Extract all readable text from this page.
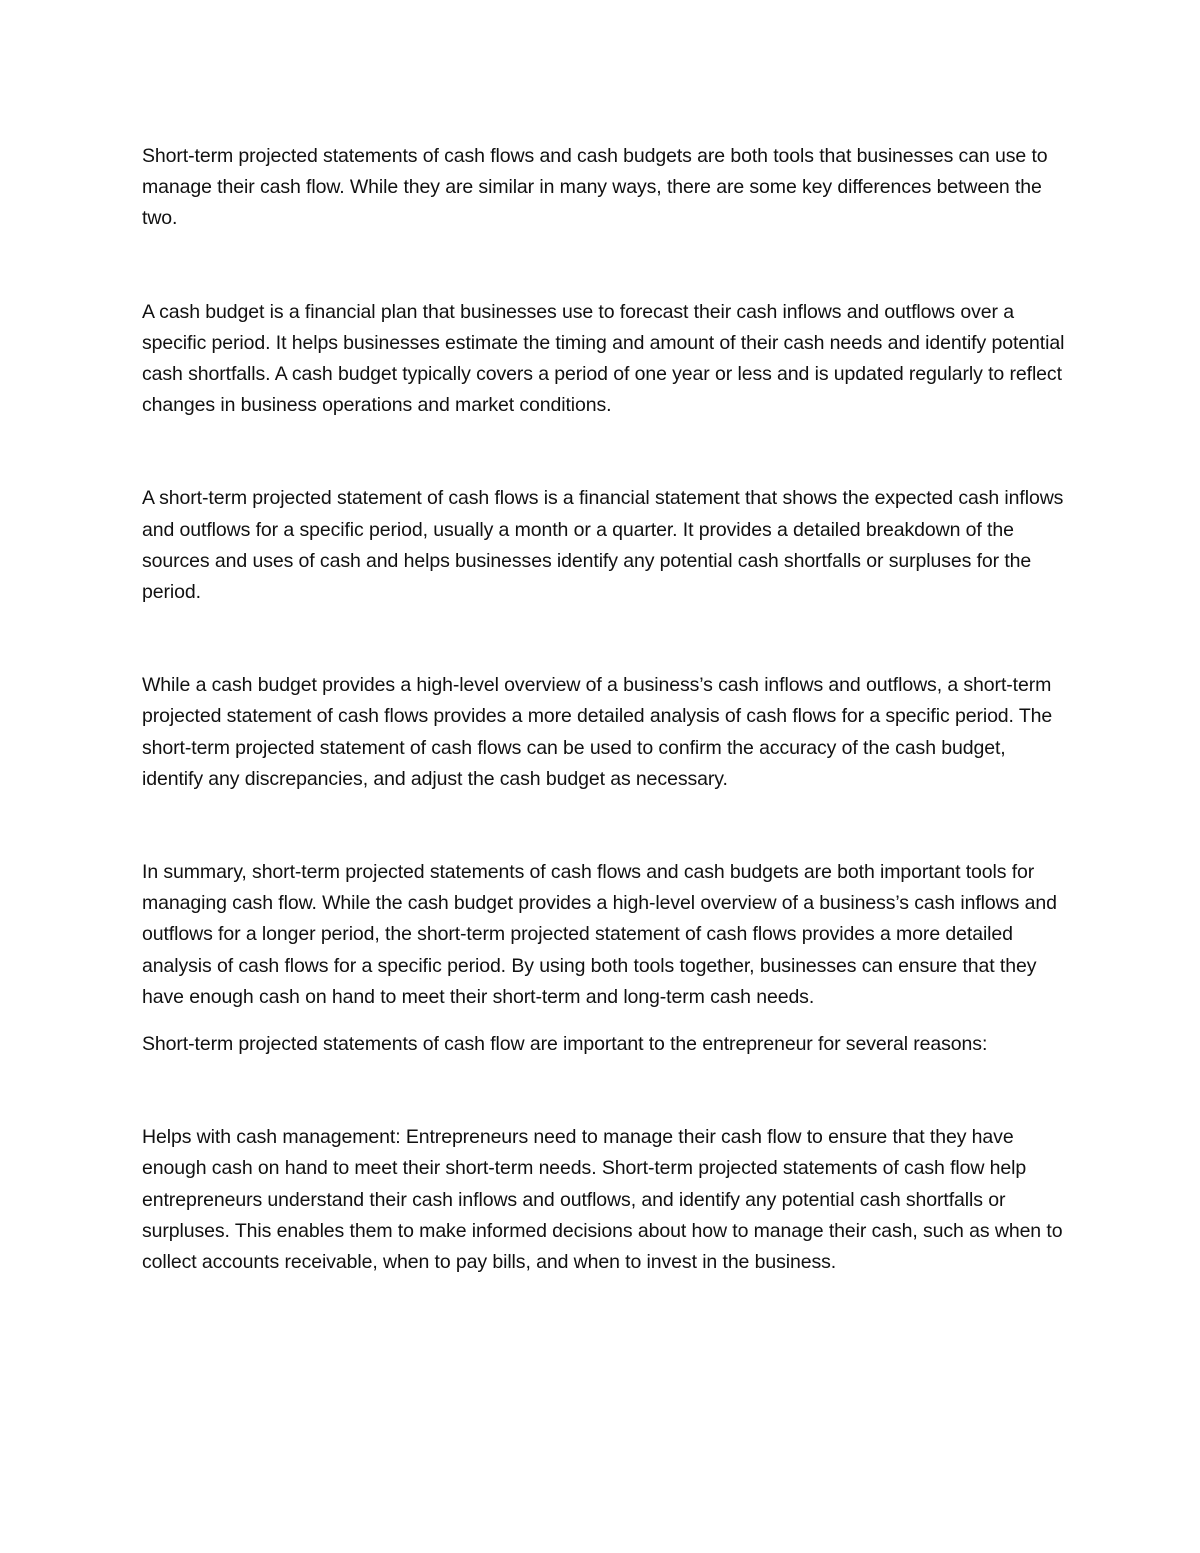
Short-term projected statements of cash flows and cash budgets are both tools that businesses can use to manage their cash flow. While they are similar in many ways, there are some key differences between the two.

A cash budget is a financial plan that businesses use to forecast their cash inflows and outflows over a specific period. It helps businesses estimate the timing and amount of their cash needs and identify potential cash shortfalls. A cash budget typically covers a period of one year or less and is updated regularly to reflect changes in business operations and market conditions.

A short-term projected statement of cash flows is a financial statement that shows the expected cash inflows and outflows for a specific period, usually a month or a quarter. It provides a detailed breakdown of the sources and uses of cash and helps businesses identify any potential cash shortfalls or surpluses for the period.

While a cash budget provides a high-level overview of a business’s cash inflows and outflows, a short-term projected statement of cash flows provides a more detailed analysis of cash flows for a specific period. The short-term projected statement of cash flows can be used to confirm the accuracy of the cash budget, identify any discrepancies, and adjust the cash budget as necessary.

In summary, short-term projected statements of cash flows and cash budgets are both important tools for managing cash flow. While the cash budget provides a high-level overview of a business’s cash inflows and outflows for a longer period, the short-term projected statement of cash flows provides a more detailed analysis of cash flows for a specific period. By using both tools together, businesses can ensure that they have enough cash on hand to meet their short-term and long-term cash needs.

Short-term projected statements of cash flow are important to the entrepreneur for several reasons:

Helps with cash management: Entrepreneurs need to manage their cash flow to ensure that they have enough cash on hand to meet their short-term needs. Short-term projected statements of cash flow help entrepreneurs understand their cash inflows and outflows, and identify any potential cash shortfalls or surpluses. This enables them to make informed decisions about how to manage their cash, such as when to collect accounts receivable, when to pay bills, and when to invest in the business.
